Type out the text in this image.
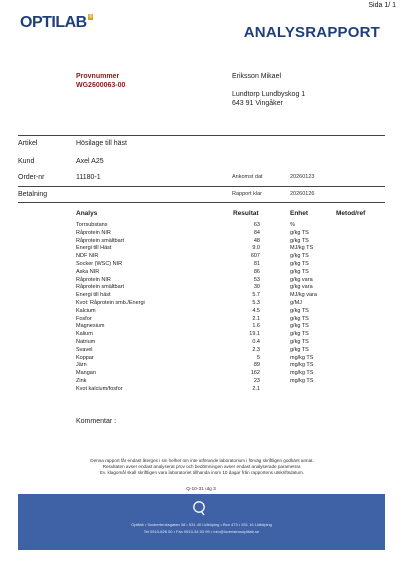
Sida 1/ 1
OPTILAB ®
ANALYSRAPPORT
Provnummer
WG2600063-00
Eriksson Mikael
Lundtorp Lundbyskog 1
643 91 Vingåker
Artikel	Hösilage till häst
Kund	Axel A25
Order-nr	11180-1	Ankomst dat	20260123
Betalning	Rapport klar	20260126
Analys	Resultat	Enhet	Metod/ref
Torrsubstans	63	%
Råprotein NIR	84	g/kg TS
Råprotein smältbart	48	g/kg TS
Energi till Häst	9.0	MJ/kg TS
NDF NIR	607	g/kg TS
Socker (WSC) NIR	81	g/kg TS
Aska NIR	86	g/kg TS
Råprotein NIR	53	g/kg vara
Råprotein smältbart	30	g/kg vara
Energi till häst	5.7	MJ/kg vara
Kvot: Råprotein smb./Energi	5.3	g/MJ
Kalcium	4.5	g/kg TS
Fosfor	2.1	g/kg TS
Magnesium	1.6	g/kg TS
Kalium	19.1	g/kg TS
Natrium	0.4	g/kg TS
Svavel	2.3	g/kg TS
Koppar	5	mg/kg TS
Järn	89	mg/kg TS
Mangan	162	mg/kg TS
Zink	23	mg/kg TS
Kvot kalcium/fosfor	2.1
Kommentar :
Denna rapport får endast återges i sin helhet om inte utförande laboratorium i förväg skriftligen godkänt annat.
Resultaten avser endast analyserat prov och bedömningen avser endast analyserade parametrar.
Ev. klagomål skall skriftligen vara laboratoriet tillhanda inom 10 dagar från rapportens utskriftsdatum.
Q-10-31 utg 3
Optilab • Sockerbruksgatan 38 • 531 40 Lidköping • Box 473 • 531 16 Lidköping
Tel 0510-826 00 • Fax 0510-34 53 99 • info@lovenstrosoptilab.se
